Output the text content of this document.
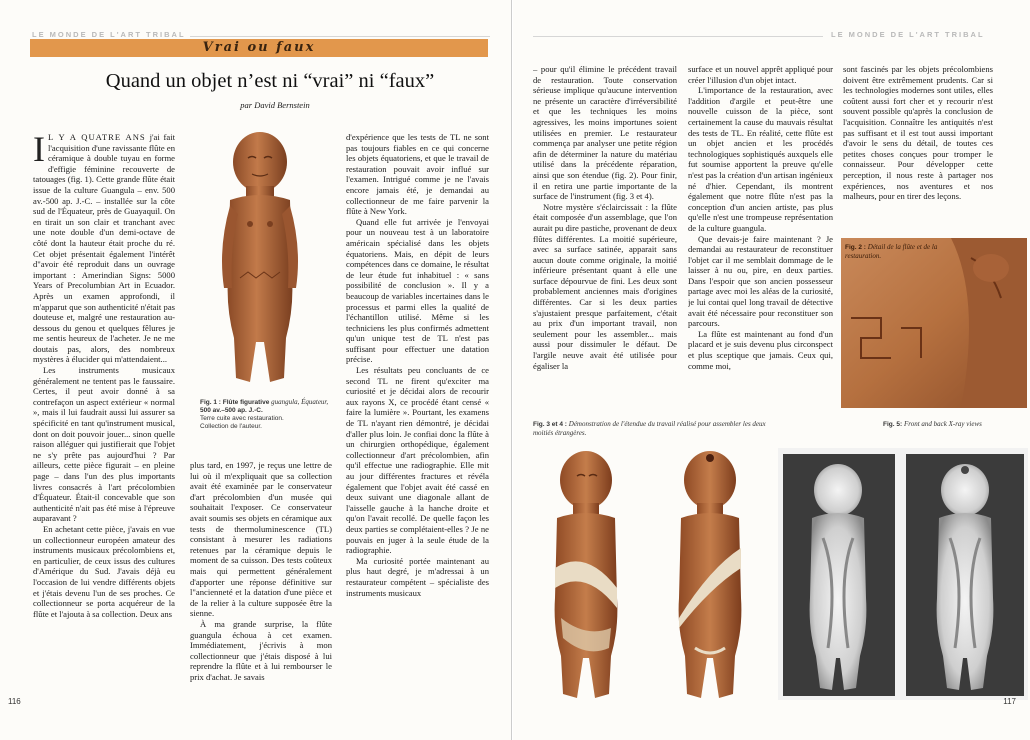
LE MONDE DE L'ART TRIBAL
Vrai ou faux
Quand un objet n’est ni “vrai” ni “faux”
par David Bernstein

I L Y A QUATRE ANS j'ai fait l'acquisition d'une ravissante flûte en céramique à double tuyau en forme d'effigie féminine recouverte de tatouages (fig. 1). Cette grande flûte était issue de la culture Guangula – env. 500 av.-500 ap. J.-C. – installée sur la côte sud de l'Équateur, près de Guayaquil. On en tirait un son clair et tranchant avec une note double d'un demi-octave de côté dont la hauteur était proche du ré. Cet objet présentait également l'intérêt d"avoir été reproduit dans un ouvrage important : Amerindian Signs: 5000 Years of Precolumbian Art in Ecuador. Après un examen approfondi, il m'apparut que son authenticité n'était pas douteuse et, malgré une restauration au-dessous du genou et quelques fêlures je me sentis heureux de l'acheter. Je ne me doutais pas, alors, des nombreux mystères à élucider qui m'attendaient...

Les instruments musicaux généralement ne tentent pas le faussaire. Certes, il peut avoir donné à sa contrefaçon un aspect extérieur « normal », mais il lui faudrait aussi lui assurer sa spécificité en tant qu'instrument musical, dont on doit pouvoir jouer... sinon quelle raison alléguer qui justifierait que l'objet ne s'y prête pas aujourd'hui ? Par ailleurs, cette pièce figurait – en pleine page – dans l'un des plus importants livres consacrés à l'art précolombien d'Équateur. Était-il concevable que son authenticité n'ait pas été mise à l'épreuve auparavant ?

En achetant cette pièce, j'avais en vue un collectionneur européen amateur des instruments musicaux précolombiens et, en particulier, de ceux issus des cultures d'Amérique du Sud. J'avais déjà eu l'occasion de lui vendre différents objets et j'étais devenu l'un de ses proches. Ce collectionneur se porta acquéreur de la flûte et l'ajouta à sa collection. Deux ans

Fig. 1 : Flûte figurative guangula, Équateur,
500 av.–500 ap. J.-C.
Terre cuite avec restauration.
Collection de l'auteur.

plus tard, en 1997, je reçus une lettre de lui où il m'expliquait que sa collection avait été examinée par le conservateur d'art précolombien d'un musée qui souhaitait l'exposer. Ce conservateur avait soumis ses objets en céramique aux tests de thermoluminescence (TL) consistant à mesurer les radiations retenues par la céramique depuis le moment de sa cuisson. Des tests coûteux mais qui permettent généralement d'apporter une réponse définitive sur l"ancienneté et la datation d'une pièce et de la relier à la culture supposée être la sienne.

À ma grande surprise, la flûte guangula échoua à cet examen. Immédiatement, j'écrivis à mon collectionneur que j'étais disposé à lui reprendre la flûte et à lui rembourser le prix d'achat. Je savais

d'expérience que les tests de TL ne sont pas toujours fiables en ce qui concerne les objets équatoriens, et que le travail de restauration pouvait avoir influé sur l'examen. Intrigué comme je ne l'avais encore jamais été, je demandai au collectionneur de me faire parvenir la flûte à New York.

Quand elle fut arrivée je l'envoyai pour un nouveau test à un laboratoire américain spécialisé dans les objets équatoriens. Mais, en dépit de leurs compétences dans ce domaine, le résultat de leur étude fut inhabituel : « sans possibilité de conclusion ». Il y a beaucoup de variables incertaines dans le processus et parmi elles la qualité de l'échantillon utilisé. Même si les techniciens les plus confirmés admettent qu'un unique test de TL n'est pas suffisant pour effectuer une datation précise.

Les résultats peu concluants de ce second TL ne firent qu'exciter ma curiosité et je décidai alors de recourir aux rayons X, ce procédé étant censé « faire la lumière ». Pourtant, les examens de TL n'ayant rien démontré, je décidai d'aller plus loin. Je confiai donc la flûte à un chirurgien orthopédique, également collectionneur d'art précolombien, afin qu'il effectue une radiographie. Elle mit au jour différentes fractures et révéla également que l'objet avait été cassé en deux suivant une diagonale allant de l'aisselle gauche à la hanche droite et qu'on l'avait recollé. De quelle façon les deux parties se complétaient-elles ? Je ne pouvais en juger à la seule étude de la radiographie.

Ma curiosité portée maintenant au plus haut degré, je m'adressai à un restaurateur compétent – spécialiste des instruments musicaux

116
LE MONDE DE L'ART TRIBAL

– pour qu'il élimine le précédent travail de restauration. Toute conservation sérieuse implique qu'aucune intervention ne présente un caractère d'irréversibilité et que les techniques les moins agressives, les moins importunes soient utilisées en premier. Le restaurateur commença par analyser une petite région afin de déterminer la nature du matériau utilisé dans la précédente réparation, ainsi que son étendue (fig. 2). Pour finir, il en retira une partie importante de la surface de l'instrument (fig. 3 et 4).

Notre mystère s'éclaircissait : la flûte était composée d'un assemblage, que l'on aurait pu dire pastiche, provenant de deux flûtes différentes. La moitié supérieure, avec sa surface satinée, apparait sans aucun doute comme originale, la moitié inférieure présentant quant à elle une surface dépourvue de fini. Les deux sont probablement anciennes mais d'origines différentes. Car si les deux parties s'ajustaient presque parfaitement, c'était au prix d'un important travail, non seulement pour les assembler... mais aussi pour dissimuler le défaut. De l'argile neuve avait été utilisée pour égaliser la

surface et un nouvel apprêt appliqué pour créer l'illusion d'un objet intact.

L'importance de la restauration, avec l'addition d'argile et peut-être une nouvelle cuisson de la pièce, sont certainement la cause du mauvais résultat des tests de TL. En réalité, cette flûte est un objet ancien et les procédés technologiques sophistiqués auxquels elle fut soumise apportent la preuve qu'elle n'est pas la création d'un artisan ingénieux né d'hier. Cependant, ils montrent également que notre flûte n'est pas la conception d'un ancien artiste, pas plus qu'elle n'est une trompeuse représentation de la culture guangula.

Que devais-je faire maintenant ? Je demandai au restaurateur de reconstituer l'objet car il me semblait dommage de le laisser à nu ou, pire, en deux parties. Dans l'espoir que son ancien possesseur partage avec moi les aléas de la curiosité, je lui contai quel long travail de détective avait été nécessaire pour reconstituer son parcours.

La flûte est maintenant au fond d'un placard et je suis devenu plus circonspect et plus sceptique que jamais. Ceux qui, comme moi,

sont fascinés par les objets précolombiens doivent être extrêmement prudents. Car si les technologies modernes sont utiles, elles coûtent aussi fort cher et y recourir n'est souvent possible qu'après la conclusion de l'acquisition. Connaître les antiquités n'est pas suffisant et il est tout aussi important d'avoir le sens du détail, de toutes ces petites choses conçues pour tromper le connaisseur. Pour développer cette perception, il nous reste à partager nos expériences, nos aventures et nos malheurs, pour en tirer des leçons.

Fig. 2 : Détail de la flûte et de la restauration.
Fig. 3 et 4 : Démonstration de l'étendue du travail réalisé pour assembler les deux moitiés étrangères.
Fig. 5: Front and back X-ray views
117
